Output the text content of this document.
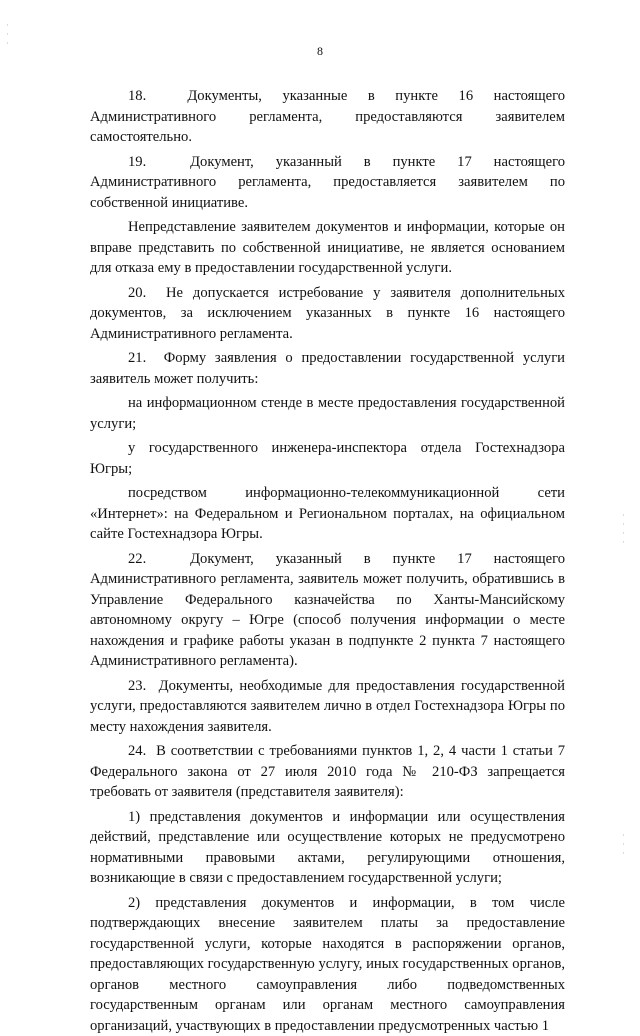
8
·
·
·
·
·
·
·
·
·
·

18.  Документы, указанные в пункте 16 настоящего Административного регламента, предоставляются заявителем самостоятельно.

19.  Документ, указанный в пункте 17 настоящего Административного регламента, предоставляется заявителем по собственной инициативе.

Непредставление заявителем документов и информации, которые он вправе представить по собственной инициативе, не является основанием для отказа ему в предоставлении государственной услуги.

20.  Не допускается истребование у заявителя дополнительных документов, за исключением указанных в пункте 16 настоящего Административного регламента.

21.  Форму заявления о предоставлении государственной услуги заявитель может получить:

на информационном стенде в месте предоставления государственной услуги;

у государственного инженера-инспектора отдела Гостехнадзора Югры;

посредством информационно-телекоммуникационной сети «Интернет»: на Федеральном и Региональном порталах, на официальном сайте Гостехнадзора Югры.

22.  Документ, указанный в пункте 17 настоящего Административного регламента, заявитель может получить, обратившись в Управление Федерального казначейства по Ханты-Мансийскому автономному округу – Югре (способ получения информации о месте нахождения и графике работы указан в подпункте 2 пункта 7 настоящего Административного регламента).

23.  Документы, необходимые для предоставления государственной услуги, предоставляются заявителем лично в отдел Гостехнадзора Югры по месту нахождения заявителя.

24.  В соответствии с требованиями пунктов 1, 2, 4 части 1 статьи 7 Федерального закона от 27 июля 2010 года № 210-ФЗ запрещается требовать от заявителя (представителя заявителя):

1) представления документов и информации или осуществления действий, представление или осуществление которых не предусмотрено нормативными правовыми актами, регулирующими отношения, возникающие в связи с предоставлением государственной услуги;

2) представления документов и информации, в том числе подтверждающих внесение заявителем платы за предоставление государственной услуги, которые находятся в распоряжении органов, предоставляющих государственную услугу, иных государственных органов, органов местного самоуправления либо подведомственных государственным органам или органам местного самоуправления организаций, участвующих в предоставлении предусмотренных частью 1
